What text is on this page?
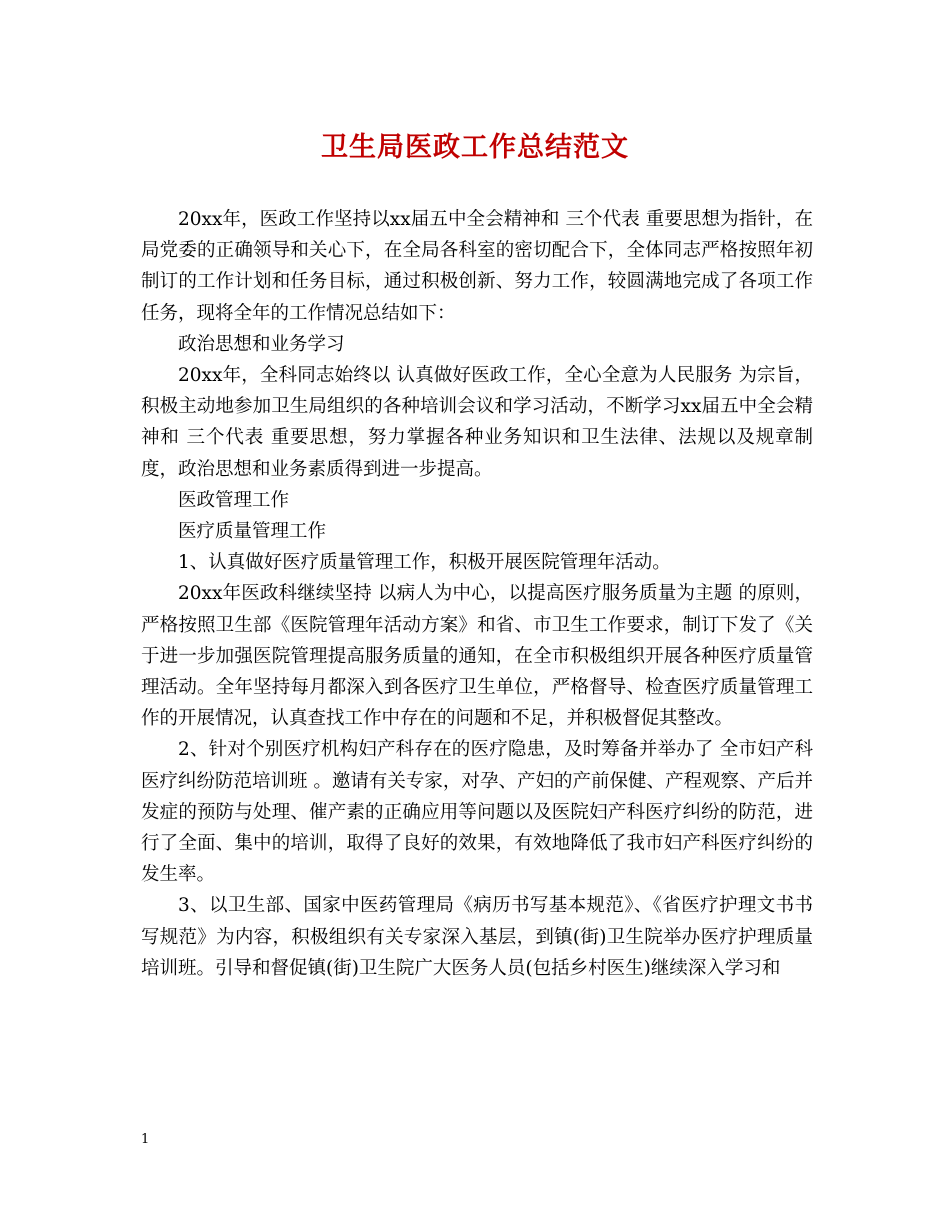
卫生局医政工作总结范文

20xx年，医政工作坚持以xx届五中全会精神和 三个代表 重要思想为指针，在局党委的正确领导和关心下，在全局各科室的密切配合下，全体同志严格按照年初制订的工作计划和任务目标，通过积极创新、努力工作，较圆满地完成了各项工作任务，现将全年的工作情况总结如下：

政治思想和业务学习

20xx年，全科同志始终以 认真做好医政工作，全心全意为人民服务 为宗旨，积极主动地参加卫生局组织的各种培训会议和学习活动，不断学习xx届五中全会精神和 三个代表 重要思想，努力掌握各种业务知识和卫生法律、法规以及规章制度，政治思想和业务素质得到进一步提高。

医政管理工作

医疗质量管理工作

1、认真做好医疗质量管理工作，积极开展医院管理年活动。

20xx年医政科继续坚持 以病人为中心，以提高医疗服务质量为主题 的原则，严格按照卫生部《医院管理年活动方案》和省、市卫生工作要求，制订下发了《关于进一步加强医院管理提高服务质量的通知，在全市积极组织开展各种医疗质量管理活动。全年坚持每月都深入到各医疗卫生单位，严格督导、检查医疗质量管理工作的开展情况，认真查找工作中存在的问题和不足，并积极督促其整改。

2、针对个别医疗机构妇产科存在的医疗隐患，及时筹备并举办了 全市妇产科医疗纠纷防范培训班 。邀请有关专家，对孕、产妇的产前保健、产程观察、产后并发症的预防与处理、催产素的正确应用等问题以及医院妇产科医疗纠纷的防范，进行了全面、集中的培训，取得了良好的效果，有效地降低了我市妇产科医疗纠纷的发生率。

3、以卫生部、国家中医药管理局《病历书写基本规范》、《省医疗护理文书书写规范》为内容，积极组织有关专家深入基层，到镇(街)卫生院举办医疗护理质量培训班。引导和督促镇(街)卫生院广大医务人员(包括乡村医生)继续深入学习和

1
